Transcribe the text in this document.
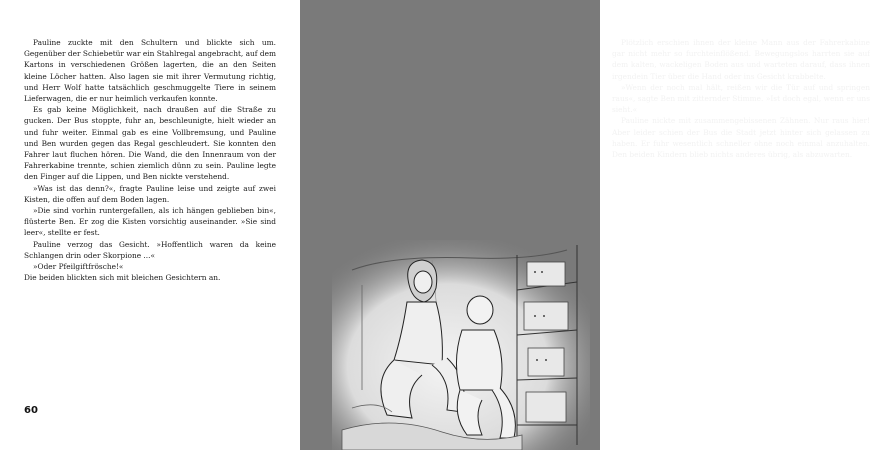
Pauline zuckte mit den Schultern und blickte sich um. Gegenüber der Schiebetür war ein Stahlregal angebracht, auf dem Kartons in verschiedenen Größen lagerten, die an den Seiten kleine Löcher hatten. Also lagen sie mit ihrer Vermutung richtig, und Herr Wolf hatte tatsächlich geschmuggelte Tiere in seinem Lieferwagen, die er nur heimlich verkaufen konnte.

Es gab keine Möglichkeit, nach draußen auf die Straße zu gucken. Der Bus stoppte, fuhr an, beschleunigte, hielt wieder an und fuhr weiter. Einmal gab es eine Vollbremsung, und Pauline und Ben wurden gegen das Regal geschleudert. Sie konnten den Fahrer laut fluchen hören. Die Wand, die den Innenraum von der Fahrerkabine trennte, schien ziemlich dünn zu sein. Pauline legte den Finger auf die Lippen, und Ben nickte verstehend.

»Was ist das denn?«, fragte Pauline leise und zeigte auf zwei Kisten, die offen auf dem Boden lagen.

»Die sind vorhin runtergefallen, als ich hängen geblieben bin«, flüsterte Ben. Er zog die Kisten vorsichtig auseinander. »Sie sind leer«, stellte er fest.

Pauline verzog das Gesicht. »Hoffentlich waren da keine Schlangen drin oder Skorpione ...«

»Oder Pfeilgiftfrösche!«

Die beiden blickten sich mit bleichen Gesichtern an.

60

Plötzlich erschien ihnen der kleine Mann aus der Fahrerkabine gar nicht mehr so furchteinflößend. Bewegungslos harrten sie auf dem kalten, wackeligen Boden aus und warteten darauf, dass ihnen irgendein Tier über die Hand oder ins Gesicht krabbelte.

»Wenn der noch mal hält, reißen wir die Tür auf und springen raus«, sagte Ben mit zitternder Stimme. »Ist doch egal, wenn er uns sieht.«

Pauline nickte mit zusammengebissenen Zähnen. Nur raus hier! Aber leider schien der Bus die Stadt jetzt hinter sich gelassen zu haben. Er fuhr wesentlich schneller ohne noch einmal anzuhalten. Den beiden Kindern blieb nichts anderes übrig, als abzuwarten.
